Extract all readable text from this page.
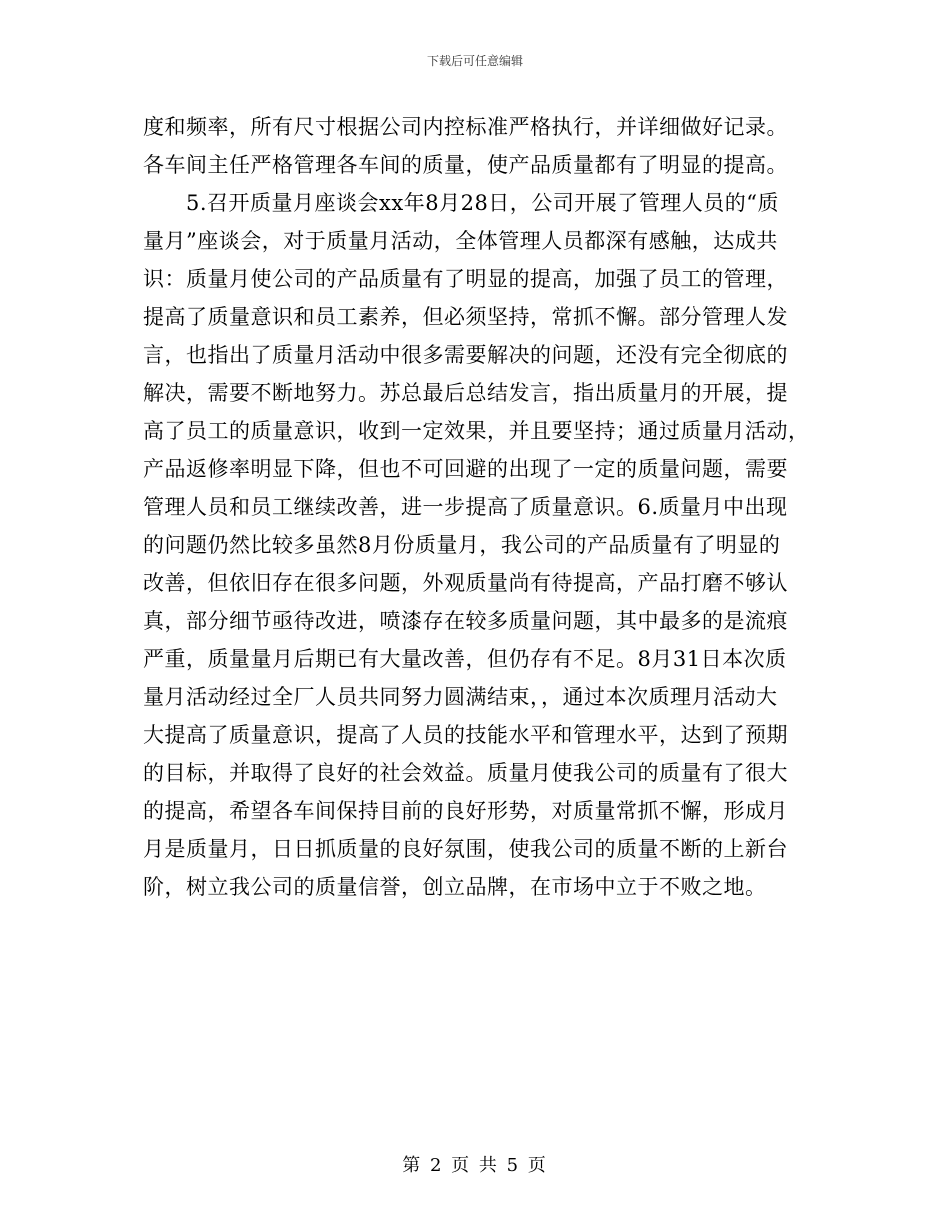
下载后可任意编辑

度和频率，所有尺寸根据公司内控标准严格执行，并详细做好记录。

各车间主任严格管理各车间的质量，使产品质量都有了明显的提高。

　　5.召开质量月座谈会xx年8月28日，公司开展了管理人员的“质

量月”座谈会，对于质量月活动，全体管理人员都深有感触，达成共

识：质量月使公司的产品质量有了明显的提高，加强了员工的管理，

提高了质量意识和员工素养，但必须坚持，常抓不懈。部分管理人发

言，也指出了质量月活动中很多需要解决的问题，还没有完全彻底的

解决，需要不断地努力。苏总最后总结发言，指出质量月的开展，提

高了员工的质量意识，收到一定效果，并且要坚持；通过质量月活动，

产品返修率明显下降，但也不可回避的出现了一定的质量问题，需要

管理人员和员工继续改善，进一步提高了质量意识。6.质量月中出现

的问题仍然比较多虽然8月份质量月，我公司的产品质量有了明显的

改善，但依旧存在很多问题，外观质量尚有待提高，产品打磨不够认

真，部分细节亟待改进，喷漆存在较多质量问题，其中最多的是流痕

严重，质量量月后期已有大量改善，但仍存有不足。8月31日本次质

量月活动经过全厂人员共同努力圆满结束，，通过本次质理月活动大

大提高了质量意识，提高了人员的技能水平和管理水平，达到了预期

的目标，并取得了良好的社会效益。质量月使我公司的质量有了很大

的提高，希望各车间保持目前的良好形势，对质量常抓不懈，形成月

月是质量月，日日抓质量的良好氛围，使我公司的质量不断的上新台

阶，树立我公司的质量信誉，创立品牌，在市场中立于不败之地。

第 2 页 共 5 页
